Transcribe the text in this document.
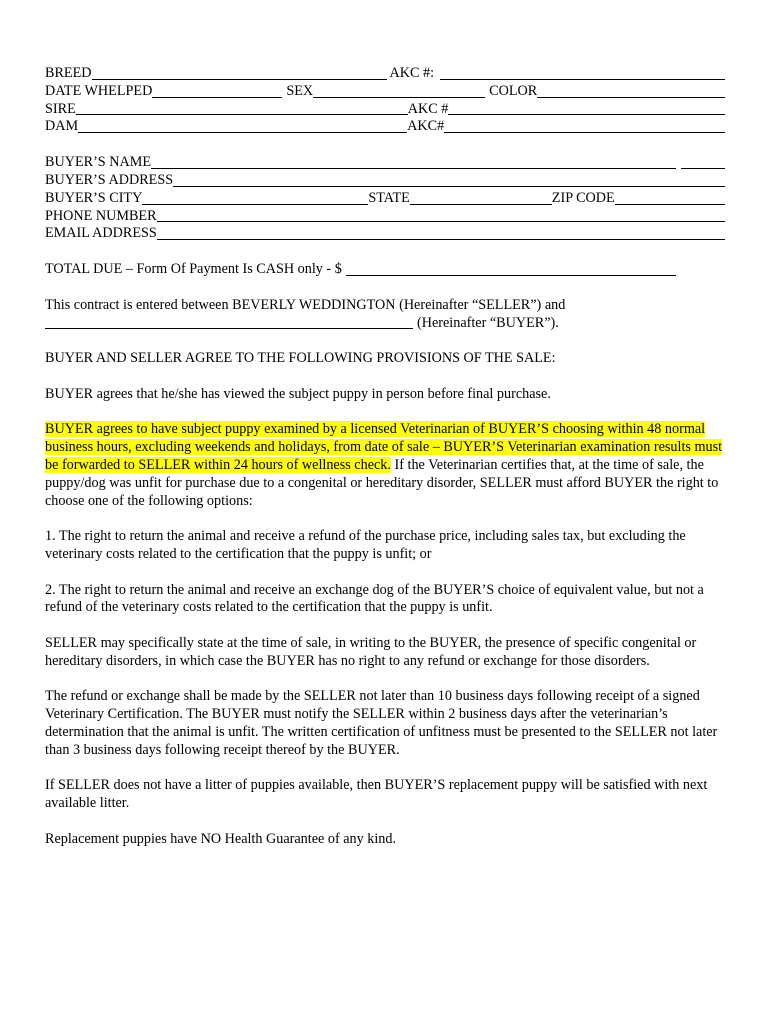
BREED	AKC #:
DATE WHELPED	SEX	COLOR
SIRE	AKC #
DAM	AKC#
BUYER’S NAME
BUYER’S ADDRESS
BUYER’S CITY	STATE	ZIP CODE
PHONE NUMBER
EMAIL ADDRESS
TOTAL DUE – Form Of Payment Is CASH only - $

This contract is entered between BEVERLY WEDDINGTON (Hereinafter “SELLER”) and

(Hereinafter “BUYER”).

BUYER AND SELLER AGREE TO THE FOLLOWING PROVISIONS OF THE SALE:

BUYER agrees that he/she has viewed the subject puppy in person before final purchase.

BUYER agrees to have subject puppy examined by a licensed Veterinarian of BUYER’S choosing within 48 normal business hours, excluding weekends and holidays, from date of sale – BUYER’S Veterinarian examination results must be forwarded to SELLER within 24 hours of wellness check. If the Veterinarian certifies that, at the time of sale, the puppy/dog was unfit for purchase due to a congenital or hereditary disorder, SELLER must afford BUYER the right to choose one of the following options:

1. The right to return the animal and receive a refund of the purchase price, including sales tax, but excluding the veterinary costs related to the certification that the puppy is unfit; or

2. The right to return the animal and receive an exchange dog of the BUYER’S choice of equivalent value, but not a refund of the veterinary costs related to the certification that the puppy is unfit.

SELLER may specifically state at the time of sale, in writing to the BUYER, the presence of specific congenital or hereditary disorders, in which case the BUYER has no right to any refund or exchange for those disorders.

The refund or exchange shall be made by the SELLER not later than 10 business days following receipt of a signed Veterinary Certification. The BUYER must notify the SELLER within 2 business days after the veterinarian’s determination that the animal is unfit. The written certification of unfitness must be presented to the SELLER not later than 3 business days following receipt thereof by the BUYER.

If SELLER does not have a litter of puppies available, then BUYER’S replacement puppy will be satisfied with next available litter.

Replacement puppies have NO Health Guarantee of any kind.
